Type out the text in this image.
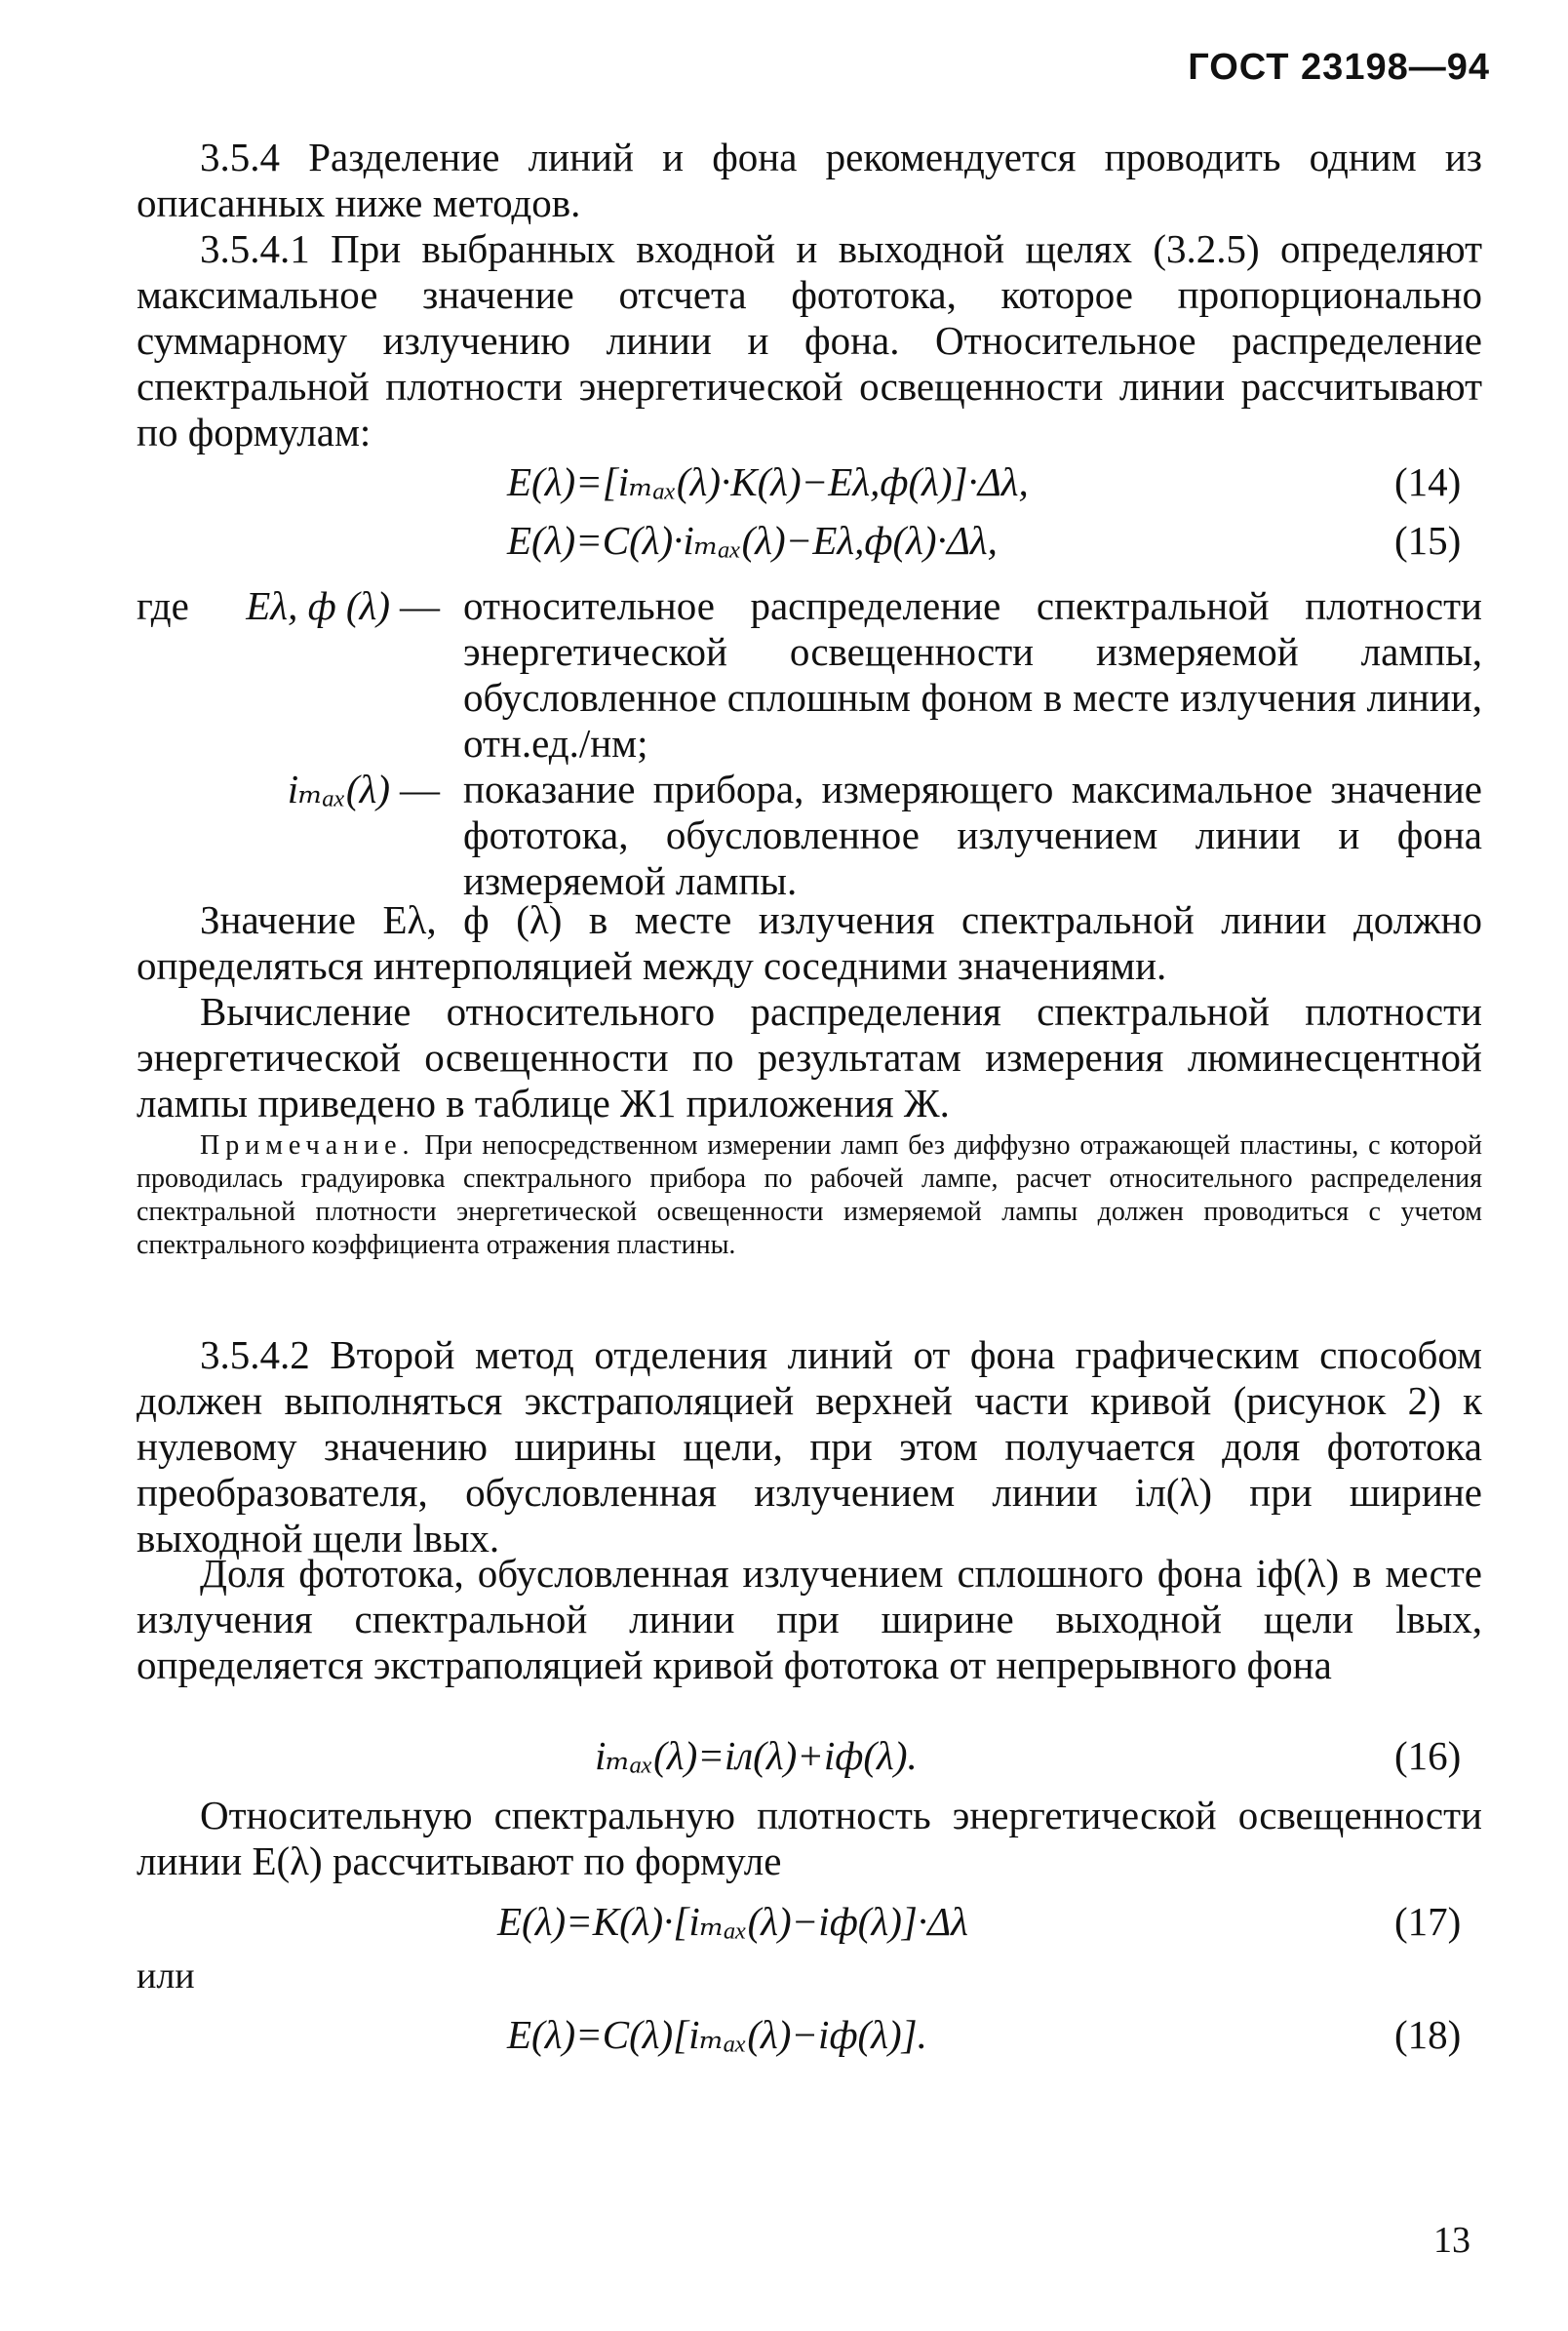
ГОСТ 23198—94
3.5.4 Разделение линий и фона рекомендуется проводить одним из описанных ниже методов.
3.5.4.1 При выбранных входной и выходной щелях (3.2.5) определяют максимальное значение отсчета фототока, которое пропорционально суммарному излучению линии и фона. Относительное распределение спектральной плотности энергетической освещенности линии рассчитывают по формулам:
E(λ)=[iₘₐₓ(λ)·K(λ)−Eλ,ф(λ)]·Δλ,	(14)
E(λ)=C(λ)·iₘₐₓ(λ)−Eλ,ф(λ)·Δλ,	(15)
где	Eλ, ф (λ) — относительное распределение спектральной плотности энергетической освещенности измеряемой лампы, обусловленное сплошным фоном в месте излучения линии, отн.ед./нм;
iₘₐₓ(λ) — показание прибора, измеряющего максимальное значение фототока, обусловленное излучением линии и фона измеряемой лампы.
Значение Eλ, ф (λ) в месте излучения спектральной линии должно определяться интерполяцией между соседними значениями.
Вычисление относительного распределения спектральной плотности энергетической освещенности по результатам измерения люминесцентной лампы приведено в таблице Ж1 приложения Ж.
Примечание. При непосредственном измерении ламп без диффузно отражающей пластины, с которой проводилась градуировка спектрального прибора по рабочей лампе, расчет относительного распределения спектральной плотности энергетической освещенности измеряемой лампы должен проводиться с учетом спектрального коэффициента отражения пластины.
3.5.4.2 Второй метод отделения линий от фона графическим способом должен выполняться экстраполяцией верхней части кривой (рисунок 2) к нулевому значению ширины щели, при этом получается доля фототока преобразователя, обусловленная излучением линии iл(λ) при ширине выходной щели lвых.
Доля фототока, обусловленная излучением сплошного фона iф(λ) в месте излучения спектральной линии при ширине выходной щели lвых, определяется экстраполяцией кривой фототока от непрерывного фона
iₘₐₓ(λ)=iл(λ)+iф(λ).	(16)
Относительную спектральную плотность энергетической освещенности линии E(λ) рассчитывают по формуле
E(λ)=K(λ)·[iₘₐₓ(λ)−iф(λ)]·Δλ	(17)
или
E(λ)=C(λ)[iₘₐₓ(λ)−iф(λ)].	(18)
13
